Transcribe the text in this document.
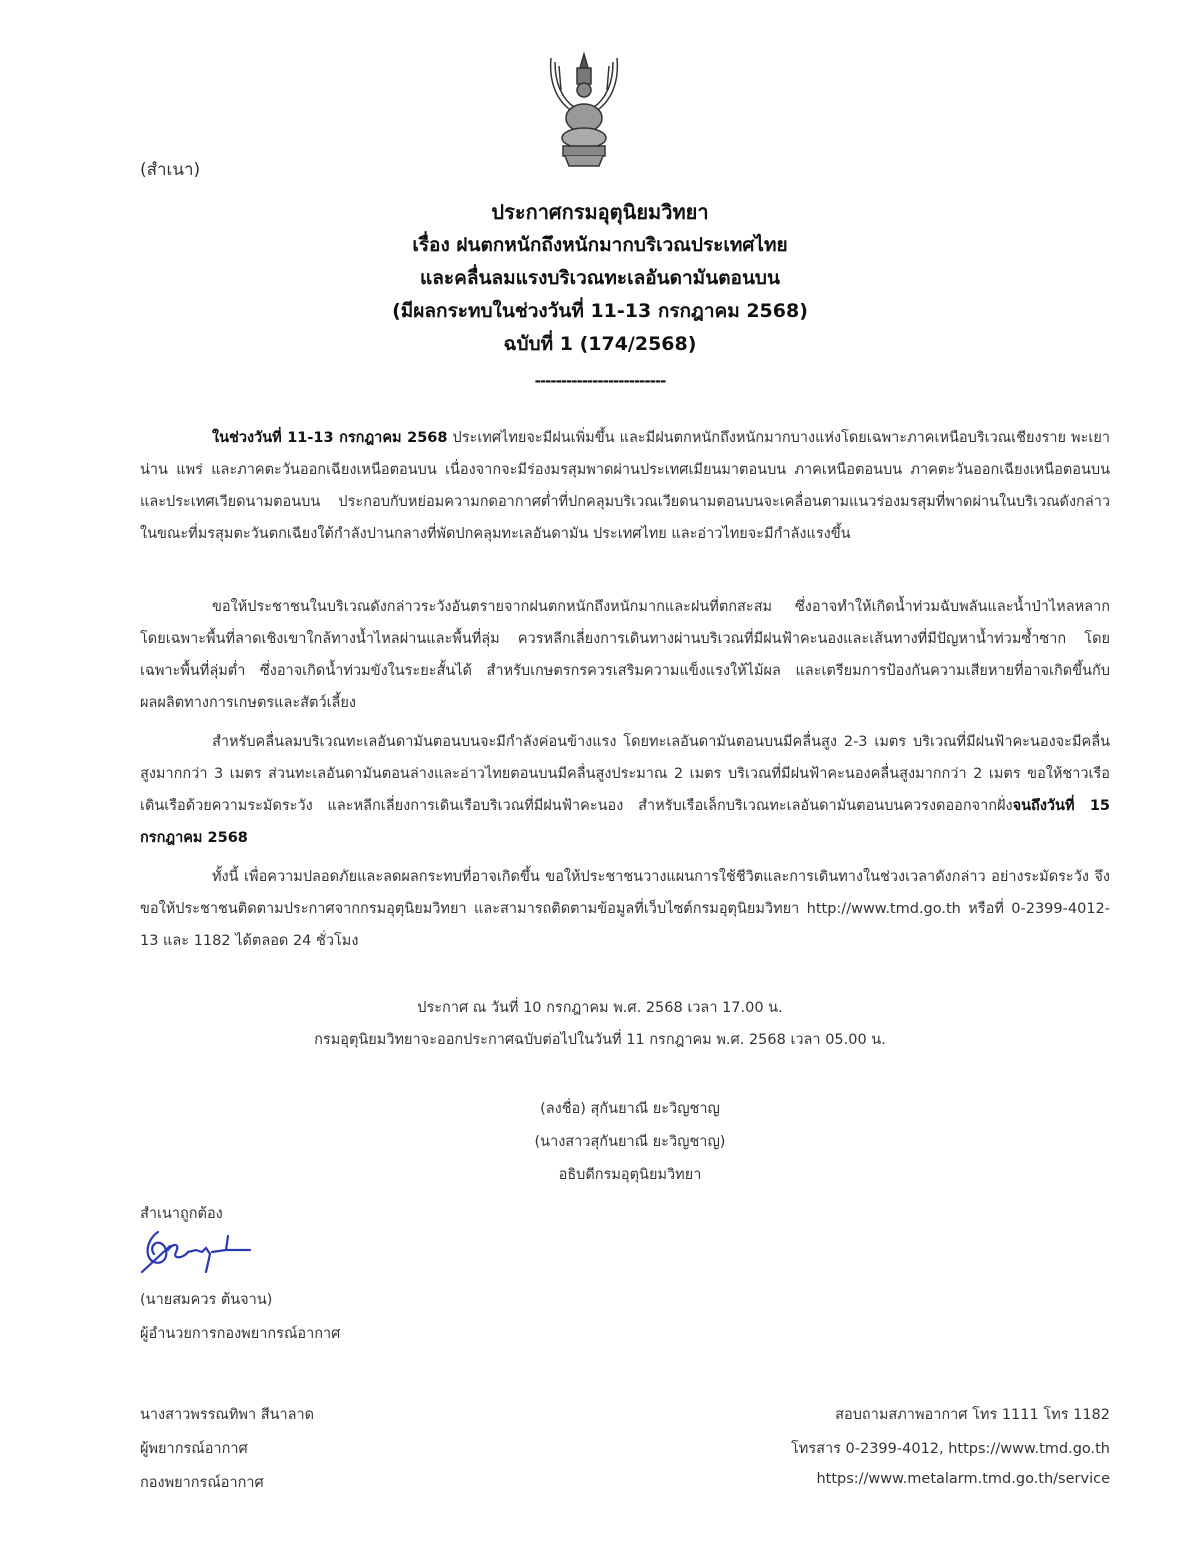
(สำเนา)
ประกาศกรมอุตุนิยมวิทยา
เรื่อง ฝนตกหนักถึงหนักมากบริเวณประเทศไทย
และคลื่นลมแรงบริเวณทะเลอันดามันตอนบน
(มีผลกระทบในช่วงวันที่ 11-13 กรกฎาคม 2568)
ฉบับที่ 1 (174/2568)
-------------------------
ในช่วงวันที่ 11-13 กรกฎาคม 2568 ประเทศไทยจะมีฝนเพิ่มขึ้น และมีฝนตกหนักถึงหนักมากบางแห่งโดยเฉพาะภาคเหนือบริเวณเชียงราย พะเยา น่าน แพร่ และภาคตะวันออกเฉียงเหนือตอนบน เนื่องจากจะมีร่องมรสุมพาดผ่านประเทศเมียนมาตอนบน ภาคเหนือตอนบน ภาคตะวันออกเฉียงเหนือตอนบน และประเทศเวียดนามตอนบน ประกอบกับหย่อมความกดอากาศต่ำที่ปกคลุมบริเวณเวียดนามตอนบนจะเคลื่อนตามแนวร่องมรสุมที่พาดผ่านในบริเวณดังกล่าว ในขณะที่มรสุมตะวันตกเฉียงใต้กำลังปานกลางที่พัดปกคลุมทะเลอันดามัน ประเทศไทย และอ่าวไทยจะมีกำลังแรงขึ้น
ขอให้ประชาชนในบริเวณดังกล่าวระวังอันตรายจากฝนตกหนักถึงหนักมากและฝนที่ตกสะสม ซึ่งอาจทำให้เกิดน้ำท่วมฉับพลันและน้ำป่าไหลหลาก โดยเฉพาะพื้นที่ลาดเชิงเขาใกล้ทางน้ำไหลผ่านและพื้นที่ลุ่ม ควรหลีกเลี่ยงการเดินทางผ่านบริเวณที่มีฝนฟ้าคะนองและเส้นทางที่มีปัญหาน้ำท่วมซ้ำซาก โดยเฉพาะพื้นที่ลุ่มต่ำ ซึ่งอาจเกิดน้ำท่วมขังในระยะสั้นได้ สำหรับเกษตรกรควรเสริมความแข็งแรงให้ไม้ผล และเตรียมการป้องกันความเสียหายที่อาจเกิดขึ้นกับผลผลิตทางการเกษตรและสัตว์เลี้ยง
สำหรับคลื่นลมบริเวณทะเลอันดามันตอนบนจะมีกำลังค่อนข้างแรง โดยทะเลอันดามันตอนบนมีคลื่นสูง 2-3 เมตร บริเวณที่มีฝนฟ้าคะนองจะมีคลื่นสูงมากกว่า 3 เมตร ส่วนทะเลอันดามันตอนล่างและอ่าวไทยตอนบนมีคลื่นสูงประมาณ 2 เมตร บริเวณที่มีฝนฟ้าคะนองคลื่นสูงมากกว่า 2 เมตร ขอให้ชาวเรือเดินเรือด้วยความระมัดระวัง และหลีกเลี่ยงการเดินเรือบริเวณที่มีฝนฟ้าคะนอง สำหรับเรือเล็กบริเวณทะเลอันดามันตอนบนควรงดออกจากฝั่งจนถึงวันที่ 15 กรกฎาคม 2568
ทั้งนี้ เพื่อความปลอดภัยและลดผลกระทบที่อาจเกิดขึ้น ขอให้ประชาชนวางแผนการใช้ชีวิตและการเดินทางในช่วงเวลาดังกล่าว อย่างระมัดระวัง จึงขอให้ประชาชนติดตามประกาศจากกรมอุตุนิยมวิทยา และสามารถติดตามข้อมูลที่เว็บไซต์กรมอุตุนิยมวิทยา http://www.tmd.go.th หรือที่ 0-2399-4012-13 และ 1182 ได้ตลอด 24 ชั่วโมง
ประกาศ ณ วันที่ 10 กรกฎาคม พ.ศ. 2568 เวลา 17.00 น.
กรมอุตุนิยมวิทยาจะออกประกาศฉบับต่อไปในวันที่ 11 กรกฎาคม พ.ศ. 2568 เวลา 05.00 น.
(ลงชื่อ) สุกันยาณี ยะวิญชาญ
(นางสาวสุกันยาณี ยะวิญชาญ)
อธิบดีกรมอุตุนิยมวิทยา
สำเนาถูกต้อง
(นายสมควร ต้นจาน)
ผู้อำนวยการกองพยากรณ์อากาศ
นางสาวพรรณทิพา สีนาลาด
ผู้พยากรณ์อากาศ
กองพยากรณ์อากาศ
สอบถามสภาพอากาศ โทร 1111 โทร 1182
โทรสาร 0-2399-4012, https://www.tmd.go.th
https://www.metalarm.tmd.go.th/service
